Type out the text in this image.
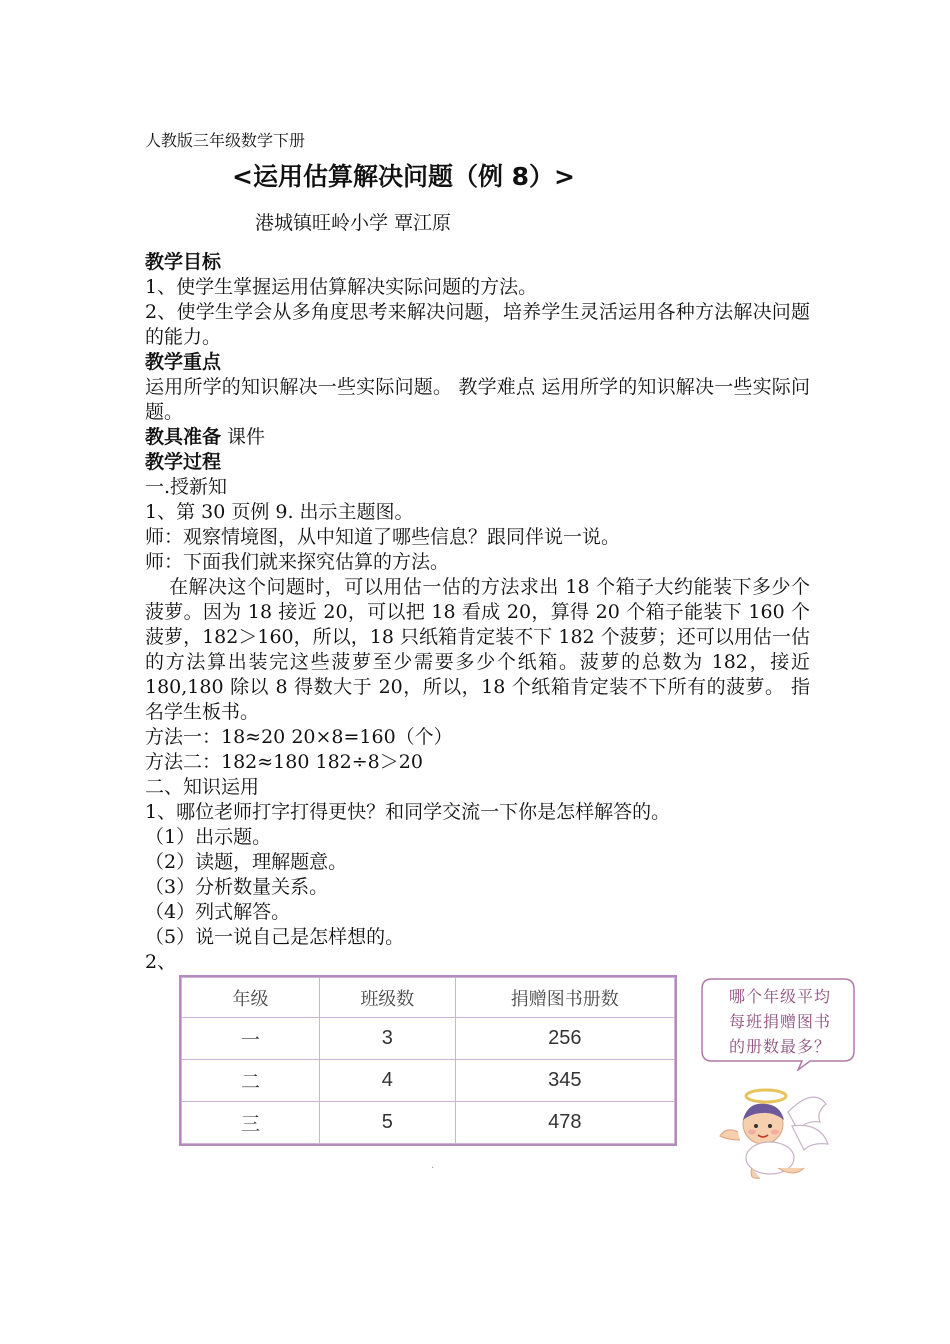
人教版三年级数学下册
<运用估算解决问题（例 8）>
港城镇旺岭小学 覃江原

教学目标

1、使学生掌握运用估算解决实际问题的方法。

2、使学生学会从多角度思考来解决问题，培养学生灵活运用各种方法解决问题的能力。

教学重点

运用所学的知识解决一些实际问题。 教学难点 运用所学的知识解决一些实际问题。

教具准备 课件

教学过程

一.授新知

1、第 30 页例 9. 出示主题图。

师：观察情境图，从中知道了哪些信息？跟同伴说一说。

师：下面我们就来探究估算的方法。

在解决这个问题时，可以用估一估的方法求出 18 个箱子大约能装下多少个菠萝。因为 18 接近 20，可以把 18 看成 20，算得 20 个箱子能装下 160 个菠萝，182＞160，所以，18 只纸箱肯定装不下 182 个菠萝；还可以用估一估的方法算出装完这些菠萝至少需要多少个纸箱。菠萝的总数为 182，接近 180,180 除以 8 得数大于 20，所以，18 个纸箱肯定装不下所有的菠萝。 指名学生板书。

方法一：18≈20 20×8=160（个）

方法二：182≈180 182÷8＞20

二、知识运用

1、哪位老师打字打得更快？和同学交流一下你是怎样解答的。

（1）出示题。

（2）读题，理解题意。

（3）分析数量关系。

（4）列式解答。

（5）说一说自己是怎样想的。

2、

年级	班级数	捐赠图书册数
一	3	256
二	4	345
三	5	478
哪个年级平均
每班捐赠图书
的册数最多？
·
